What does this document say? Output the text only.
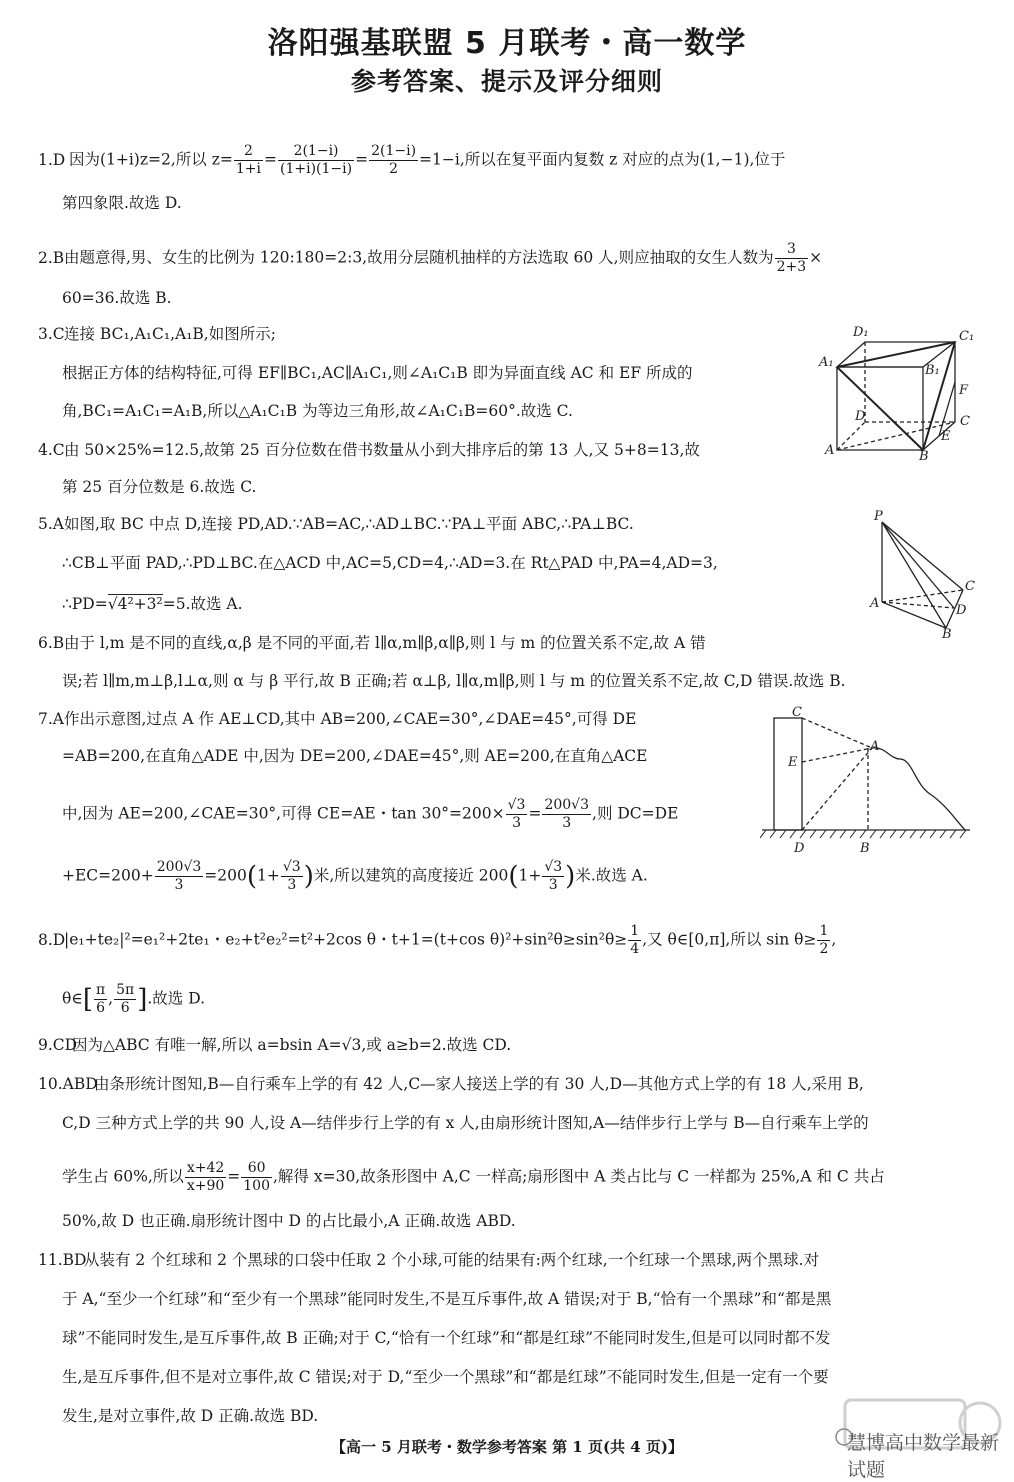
洛阳强基联盟 5 月联考・高一数学
参考答案、提示及评分细则
1.D 因为(1+i)z=2,所以 $z= \frac{2}{1+i} = \frac{2(1-i)}{(1+i)(1-i)} = \frac{2(1-i)}{2} =1-i$,所以在复平面内复数 z 对应的点为(1,−1),位于
第四象限.故选 D.
2.B由题意得,男、女生的比例为 120:180=2:3,故用分层随机抽样的方法选取 60 人,则应抽取的女生人数为 $\frac{3}{2+3}$ ×
60=36.故选 B.
3.C连接 BC₁,A₁C₁,A₁B,如图所示;
根据正方体的结构特征,可得 EF∥BC₁,AC∥A₁C₁,则∠A₁C₁B 即为异面直线 AC 和 EF 所成的
角,BC₁=A₁C₁=A₁B,所以△A₁C₁B 为等边三角形,故∠A₁C₁B=60°.故选 C.
D₁	C₁
A₁
B₁
F
D	C
E
A	B
4.C由 50×25%=12.5,故第 25 百分位数在借书数量从小到大排序后的第 13 人,又 5+8=13,故
第 25 百分位数是 6.故选 C.
5.A如图,取 BC 中点 D,连接 PD,AD.∵AB=AC,∴AD⊥BC.∵PA⊥平面 ABC,∴PA⊥BC.
∴CB⊥平面 PAD,∴PD⊥BC.在△ACD 中,AC=5,CD=4,∴AD=3.在 Rt△PAD 中,PA=4,AD=3,
∴PD=√4²+3²=5.故选 A.
P
A
C
D
B
6.B由于 l,m 是不同的直线,α,β 是不同的平面,若 l∥α,m∥β,α∥β,则 l 与 m 的位置关系不定,故 A 错
误;若 l∥m,m⊥β,l⊥α,则 α 与 β 平行,故 B 正确;若 α⊥β, l∥α,m∥β,则 l 与 m 的位置关系不定,故 C,D 错误.故选 B.
7.A作出示意图,过点 A 作 AE⊥CD,其中 AB=200,∠CAE=30°,∠DAE=45°,可得 DE
=AB=200,在直角△ADE 中,因为 DE=200,∠DAE=45°,则 AE=200,在直角△ACE
中,因为 AE=200,∠CAE=30°,可得 CE=AE・$\tan 30^\circ=200\times \frac{√3}{3} = \frac{200√3}{3}$ ,则 DC=DE
$+EC=200+ \frac{200√3}{3} =200(1+ \frac{√3}{3}$ )米,所以建筑的高度接近 $200(1+ \frac{√3}{3}$ )米.故选 A.
C
E
A
D	B
8.D|e₁+te₂|²=e₁²+2te₁・e₂+t²e₂²=t²+2cos θ・t+1=(t+cos $\theta)^2+\sin^2\theta\ge\sin^2\theta\ge \frac{1}{4}$ ,又 θ∈[0,π],所以 $\sin \theta\ge \frac{1}{2}$ ,
θ∈[ $\frac{\pi}{6}$ , $\frac{5\pi}{6}$ ].故选 D.
9.CD因为△ABC 有唯一解,所以 a=bsin A=√3,或 a≥b=2.故选 CD.
10.ABD由条形统计图知,B—自行乘车上学的有 42 人,C—家人接送上学的有 30 人,D—其他方式上学的有 18 人,采用 B,
C,D 三种方式上学的共 90 人,设 A—结伴步行上学的有 x 人,由扇形统计图知,A—结伴步行上学与 B—自行乘车上学的
学生占 60%,所以 $\frac{x+42}{x+90} = \frac{60}{100}$ ,解得 x=30,故条形图中 A,C 一样高;扇形图中 A 类占比与 C 一样都为 25%,A 和 C 共占
50%,故 D 也正确.扇形统计图中 D 的占比最小,A 正确.故选 ABD.
11.BD从装有 2 个红球和 2 个黑球的口袋中任取 2 个小球,可能的结果有:两个红球,一个红球一个黑球,两个黑球.对
于 A,“至少一个红球”和“至少有一个黑球”能同时发生,不是互斥事件,故 A 错误;对于 B,“恰有一个黑球”和“都是黑
球”不能同时发生,是互斥事件,故 B 正确;对于 C,“恰有一个红球”和“都是红球”不能同时发生,但是可以同时都不发
生,是互斥事件,但不是对立事件,故 C 错误;对于 D,“至少一个黑球”和“都是红球”不能同时发生,但是一定有一个要
发生,是对立事件,故 D 正确.故选 BD.
慧博高中数学最新试题
【高一 5 月联考・数学参考答案 第 1 页(共 4 页)】
